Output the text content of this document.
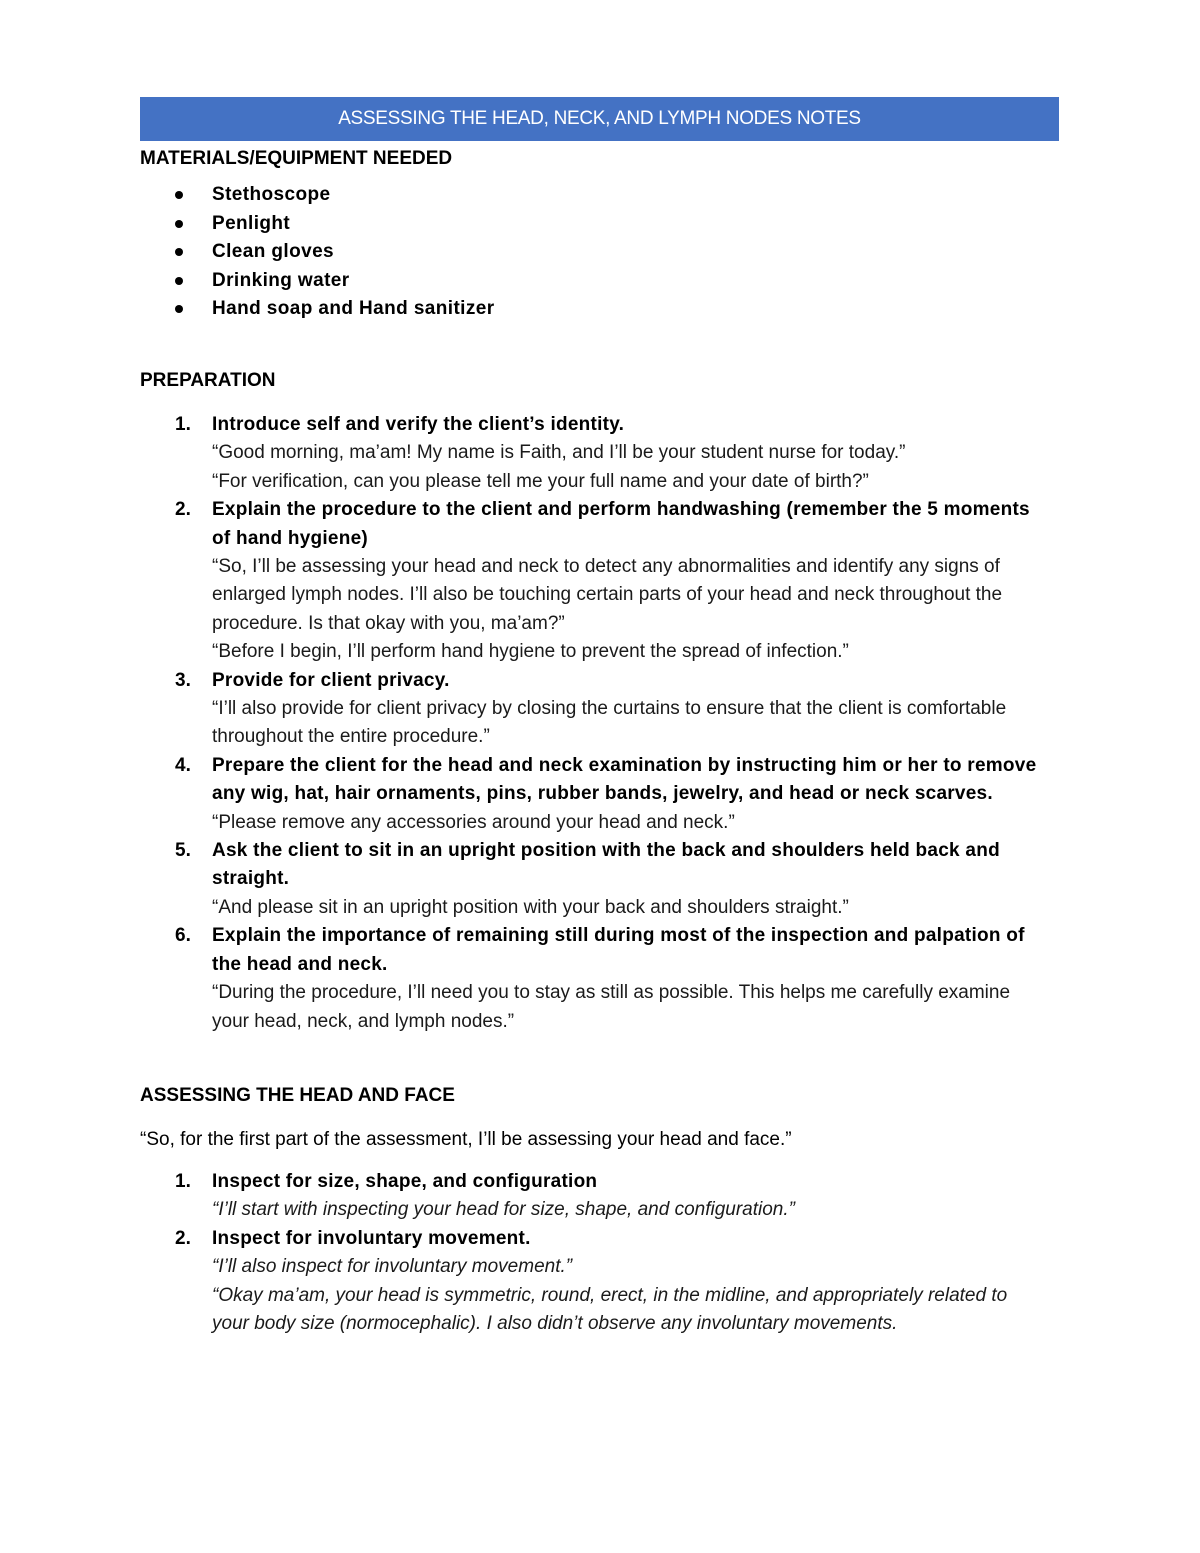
ASSESSING THE HEAD, NECK, AND LYMPH NODES NOTES
MATERIALS/EQUIPMENT NEEDED
Stethoscope
Penlight
Clean gloves
Drinking water
Hand soap and Hand sanitizer
PREPARATION
1. Introduce self and verify the client’s identity.
“Good morning, ma’am! My name is Faith, and I’ll be your student nurse for today.”
“For verification, can you please tell me your full name and your date of birth?”
2. Explain the procedure to the client and perform handwashing (remember the 5 moments of hand hygiene)
“So, I’ll be assessing your head and neck to detect any abnormalities and identify any signs of enlarged lymph nodes. I’ll also be touching certain parts of your head and neck throughout the procedure. Is that okay with you, ma’am?”
“Before I begin, I’ll perform hand hygiene to prevent the spread of infection.”
3. Provide for client privacy.
“I’ll also provide for client privacy by closing the curtains to ensure that the client is comfortable throughout the entire procedure.”
4. Prepare the client for the head and neck examination by instructing him or her to remove any wig, hat, hair ornaments, pins, rubber bands, jewelry, and head or neck scarves.
“Please remove any accessories around your head and neck.”
5. Ask the client to sit in an upright position with the back and shoulders held back and straight.
“And please sit in an upright position with your back and shoulders straight.”
6. Explain the importance of remaining still during most of the inspection and palpation of the head and neck.
“During the procedure, I’ll need you to stay as still as possible. This helps me carefully examine your head, neck, and lymph nodes.”
ASSESSING THE HEAD AND FACE

“So, for the first part of the assessment, I’ll be assessing your head and face.”

1. Inspect for size, shape, and configuration
“I’ll start with inspecting your head for size, shape, and configuration.”
2. Inspect for involuntary movement.
“I’ll also inspect for involuntary movement.”
“Okay ma’am, your head is symmetric, round, erect, in the midline, and appropriately related to your body size (normocephalic). I also didn’t observe any involuntary movements.
